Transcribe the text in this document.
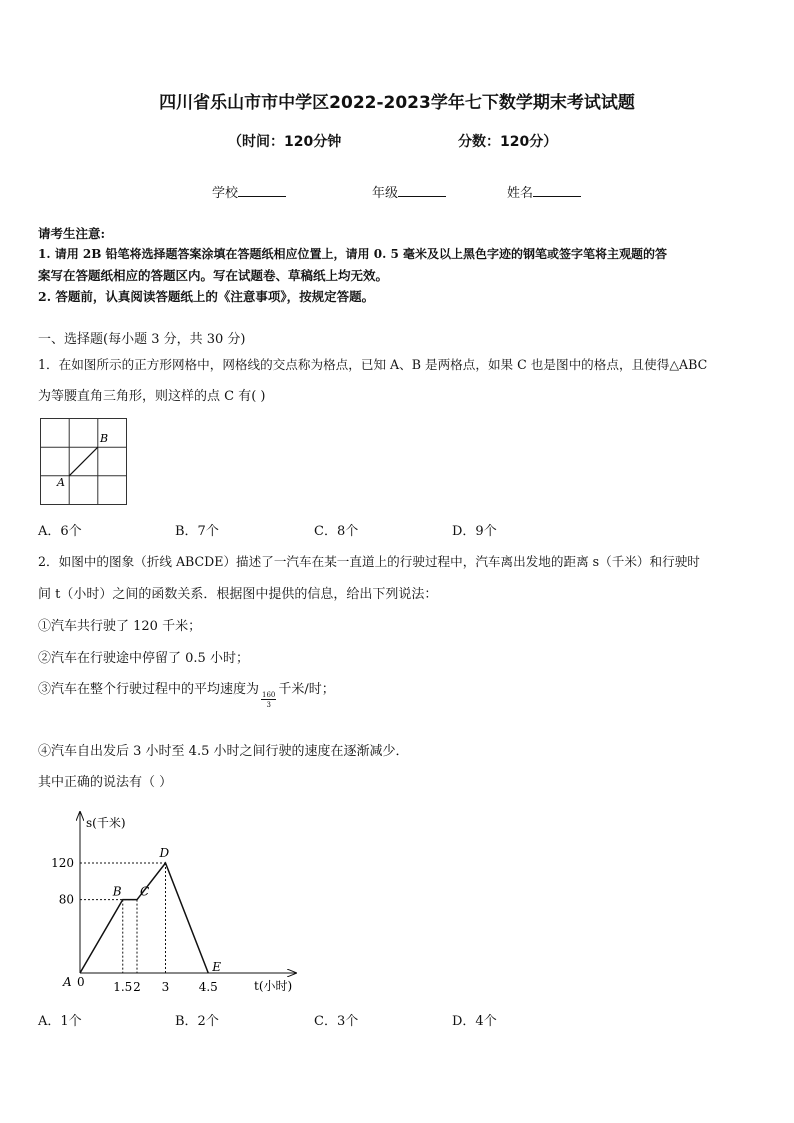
四川省乐山市市中学区2022-2023学年七下数学期末考试试题
（时间：120分钟	分数：120分）
学校	年级	姓名
请考生注意:
1. 请用 2B 铅笔将选择题答案涂填在答题纸相应位置上，请用 0. 5 毫米及以上黑色字迹的钢笔或签字笔将主观题的答
案写在答题纸相应的答题区内。写在试题卷、草稿纸上均无效。
2. 答题前，认真阅读答题纸上的《注意事项》，按规定答题。
一、选择题(每小题 3 分，共 30 分)
1．在如图所示的正方形网格中，网格线的交点称为格点，已知 A、B 是两格点，如果 C 也是图中的格点，且使得△ABC
为等腰直角三角形，则这样的点 C 有( )
A
B
A．6个	B．7个	C．8个	D．9个
2．如图中的图象（折线 ABCDE）描述了一汽车在某一直道上的行驶过程中，汽车离出发地的距离 s（千米）和行驶时
间 t（小时）之间的函数关系．根据图中提供的信息，给出下列说法：
①汽车共行驶了 120 千米；
②汽车在行驶途中停留了 0.5 小时；
③汽车在整个行驶过程中的平均速度为
$\frac{160}{3}$
千米/时；
④汽车自出发后 3 小时至 4.5 小时之间行驶的速度在逐渐减少．
其中正确的说法有（ ）
A
B C
D
E
1.5 2 3 4.5
80
120
s(千米)
t(小时)
0
A．1个	B．2个	C．3个	D．4个
